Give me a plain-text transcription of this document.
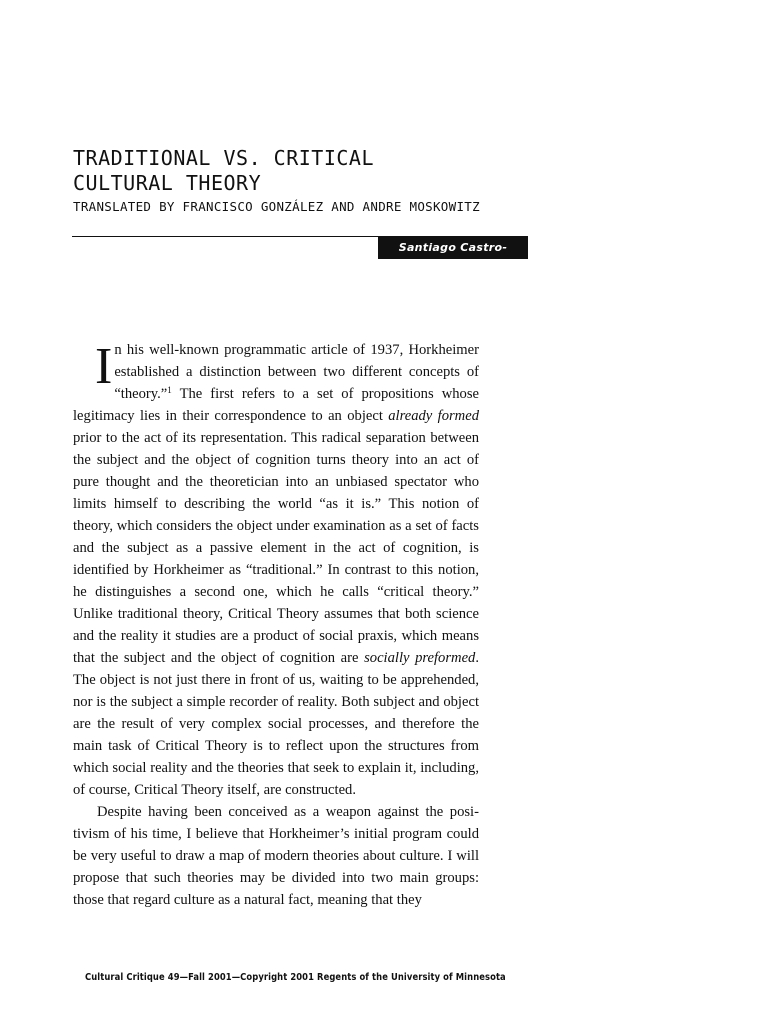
TRADITIONAL VS. CRITICAL
CULTURAL THEORY
TRANSLATED BY FRANCISCO GONZÁLEZ AND ANDRE MOSKOWITZ
Santiago Castro-Gómez

In his well-known programmatic article of 1937, Horkheimer established a distinction between two different concepts of “theory.”$^1$ The first refers to a set of propositions whose legitimacy lies in their correspondence to an object already formed prior to the act of its representation. This radical separation between the subject and the object of cognition turns theory into an act of pure thought and the theoretician into an unbiased spectator who limits himself to describing the world “as it is.” This notion of theory, which considers the object under examination as a set of facts and the subject as a passive element in the act of cognition, is identified by Horkheimer as “traditional.” In contrast to this notion, he distinguishes a second one, which he calls “critical theory.” Unlike traditional theory, Critical Theory assumes that both science and the reality it studies are a product of social praxis, which means that the subject and the object of cognition are socially preformed. The object is not just there in front of us, waiting to be apprehended, nor is the subject a simple recorder of reality. Both subject and object are the result of very complex social processes, and therefore the main task of Critical Theory is to reflect upon the structures from which social reality and the theories that seek to explain it, including, of course, Critical Theory itself, are constructed.

Despite having been conceived as a weapon against the positivism of his time, I believe that Horkheimer’s initial program could be very useful to draw a map of modern theories about culture. I will propose that such theories may be divided into two main groups: those that regard culture as a natural fact, meaning that they

Cultural Critique 49—Fall 2001—Copyright 2001 Regents of the University of Minnesota
